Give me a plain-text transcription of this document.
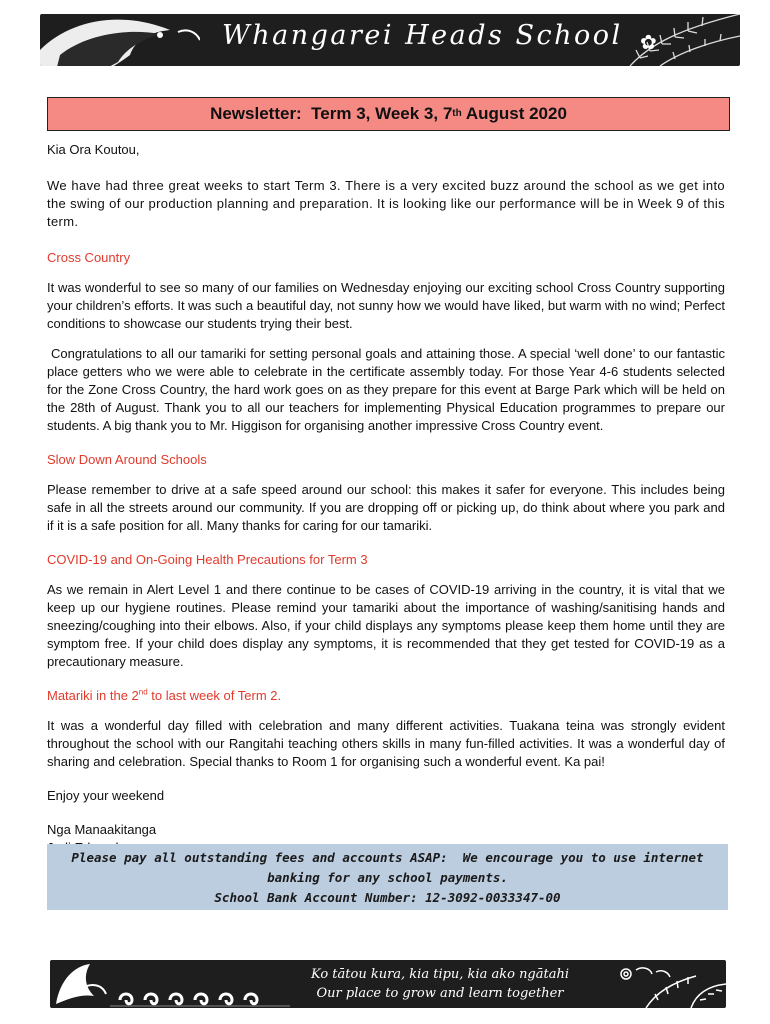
Whangarei Heads School ✿
Newsletter:  Term 3, Week 3, 7 th August 2020

Kia Ora Koutou,

We have had three great weeks to start Term 3. There is a very excited buzz around the school as we get into the swing of our production planning and preparation. It is looking like our performance will be in Week 9 of this term.

Cross Country

It was wonderful to see so many of our families on Wednesday enjoying our exciting school Cross Country supporting your children’s efforts. It was such a beautiful day, not sunny how we would have liked, but warm with no wind; Perfect conditions to showcase our students trying their best.

Congratulations to all our tamariki for setting personal goals and attaining those. A special ‘well done’ to our fantastic place getters who we were able to celebrate in the certificate assembly today. For those Year 4-6 students selected for the Zone Cross Country, the hard work goes on as they prepare for this event at Barge Park which will be held on the 28th of August. Thank you to all our teachers for implementing Physical Education programmes to prepare our students. A big thank you to Mr. Higgison for organising another impressive Cross Country event.

Slow Down Around Schools

Please remember to drive at a safe speed around our school: this makes it safer for everyone. This includes being safe in all the streets around our community. If you are dropping off or picking up, do think about where you park and if it is a safe position for all. Many thanks for caring for our tamariki.

COVID-19 and On-Going Health Precautions for Term 3

As we remain in Alert Level 1 and there continue to be cases of COVID-19 arriving in the country, it is vital that we keep up our hygiene routines. Please remind your tamariki about the importance of washing/sanitising hands and sneezing/coughing into their elbows. Also, if your child displays any symptoms please keep them home until they are symptom free. If your child does display any symptoms, it is recommended that they get tested for COVID-19 as a precautionary measure.

Matariki in the 2nd to last week of Term 2.

It was a wonderful day filled with celebration and many different activities. Tuakana teina was strongly evident throughout the school with our Rangitahi teaching others skills in many fun-filled activities. It was a wonderful day of sharing and celebration. Special thanks to Room 1 for organising such a wonderful event. Ka pai!

Enjoy your weekend

Nga Manaakitanga

Please pay all outstanding fees and accounts ASAP:  We encourage you to use internet
banking for any school payments.
School Bank Account Number: 12-3092-0033347-00
Ko tātou kura, kia tipu, kia ako ngātahi
Our place to grow and learn together
